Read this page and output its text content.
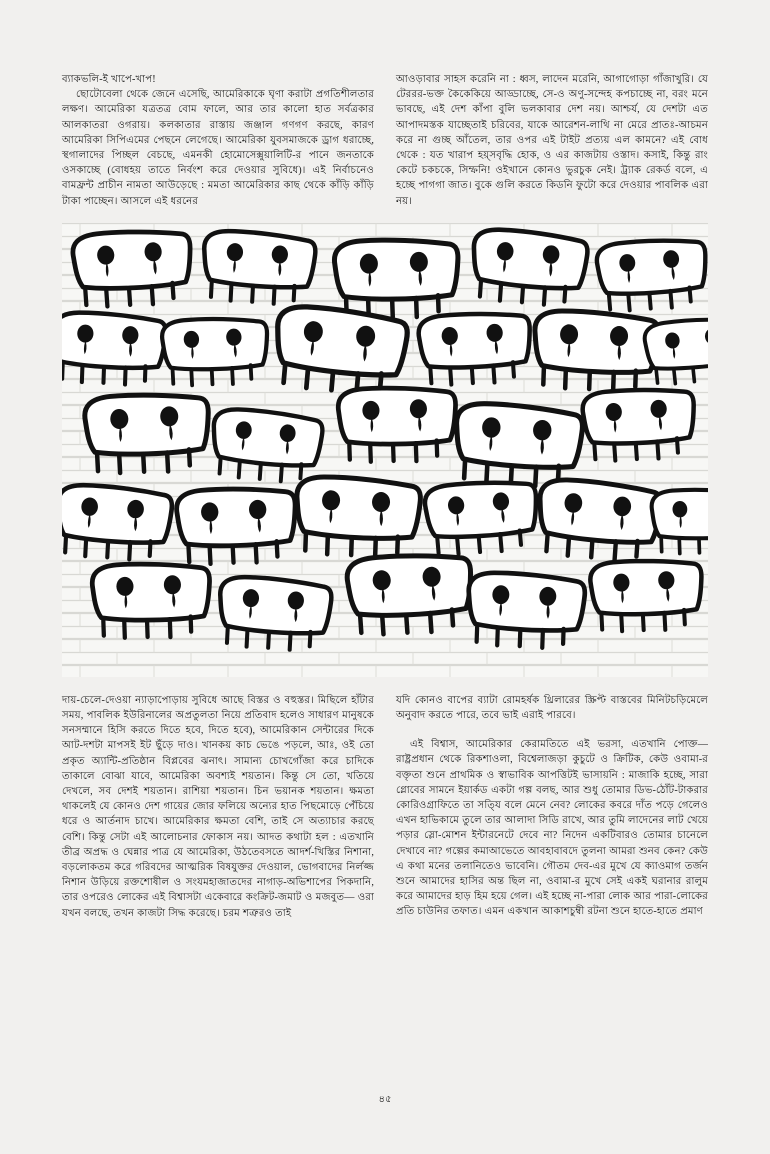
ব্যাকভলি-ই খাপে-খাপ!

ছোটোবেলা থেকে জেনে এসেছি, আমেরিকাকে ঘৃণা করাটা প্রগতিশীলতার লক্ষণ। আমেরিকা যত্রতত্র বোম ফালে, আর তার কালো হাত সর্বত্রকার আলকাতরা ওগরায়। কলকাতার রাস্তায় জঞ্জাল গণগণ করছে, কারণ আমেরিকা সিপিএমের পেছনে লেগেছে। আমেরিকা যুবসমাজকে ড্রাগ ধরাচ্ছে, স্থগালাদের পিচ্ছল বেচছে, এমনকী হোমোসেক্সুয়ালিটি-র পানে জনতাকে ওসকাচ্ছে (বোধহয় তাতে নির্বংশ করে দেওয়ার সুবিধে)। এই নির্বাচনেও বামফ্রন্ট প্রাচীন নামতা আউড়েছে : মমতা আমেরিকার কাছ থেকে কাঁড়ি কাঁড়ি টাকা পাচ্ছেন। আসলে এই ধরনের

আওড়াবার সাহস করেনি না : ধ্বস, লাদেন মরেনি, আগাগোড়া গাঁজাখুরি। যে টেররর-ভক্ত কৈকেকিয়ে আড্ডাচ্ছে, সে-ও অণু-সন্দেহ কপচাচ্ছে না, বরং মনে ভাবছে, এই দেশ কাঁপা বুলি ভলকাবার দেশ নয়। আশ্চর্য, যে দেশটা এত আপাদমস্তক যাচ্ছেতাই চরিবের, যাকে আরেশন-লাথি না মেরে প্রাতঃ-আচমন করে না গুচ্ছ আঁতেল, তার ওপর এই টাইট প্রত্যয় এল কামনে? এই বোধ থেকে : যত খারাপ হয়্সবৃদ্ধি হোক, ও এর কাজটায় ওস্তাদ। কসাই, কিন্তু রাং কেটে চকচকে, সিম্ফনি! ওইখানে কোনও ভুরচুক নেই। ট্র্যাক রেকর্ড বলে, এ হচ্ছে পাগগা জাত। বুকে গুলি করতে কিডনি ফুটো করে দেওয়ার পাবলিক এরা নয়।

দায়-চেলে-দেওয়া ন্যাড়াপোড়ায় সুবিধে আছে বিস্তর ও বহুস্তর। মিছিলে হাঁটার সময়, পাবলিক ইউরিনালের অপ্রতুলতা নিয়ে প্রতিবাদ হলেও সাধারণ মানুষকে সনসম্মানে হিসি করতে দিতে হবে, দিতে হবে), আমেরিকান সেন্টারের দিকে আট-দশটা মাপসই ইট ছুঁড়ে দাও। খানকয় কাচ ভেঙে পড়লে, আঃ, ওই তো প্রকৃত অ্যান্টি-প্রতিষ্ঠান বিপ্লবের ঝনাৎ। সামান্য চোখগোঁজা করে চাদিকে তাকালে বোঝা যাবে, আমেরিকা অবশ্যই শয়তান। কিন্তু সে তো, খতিয়ে দেখলে, সব দেশই শয়তান। রাশিয়া শয়তান। চিন ভয়ানক শয়তান। ক্ষমতা থাকলেই যে কোনও দেশ গায়ের জোর ফলিয়ে অন্যের হাত পিছমোড়ে পেঁচিয়ে ধরে ও আর্তনাদ চাখে। আমেরিকার ক্ষমতা বেশি, তাই সে অত্যাচার করছে বেশি। কিন্তু সেটা এই আলোচনার ফোকাস নয়। আদত কথাটা হল : এতখানি তীব্র অপ্রদ্ধ ও ঘেন্নার পাত্র যে আমেরিকা, উঠতেবসতে আদর্শ-খিস্তির নিশানা, বড়লোকতম করে গরিবদের আত্মরিক বিষযুক্তর দেওয়াল, ভোগবাদের নির্লজ্জ নিশান উড়িয়ে রক্তশোষীল ও সংযমহাজাতদের নাগাড়-অভিশাপের পিকদানি, তার ওপরেও লোকের এই বিশ্বাসটা একেবারে কংক্রিট-জমাট ও মজবুত— ওরা যখন বলছে, তখন কাজটা সিদ্ধ করেছে। চরম শত্রুরও তাই

যদি কোনও বাপের ব্যাটা রোমহর্ষক থ্রিলারের স্ক্রিপ্ট বাস্তবের মিনিটচড়িমেলে অনুবাদ করতে পারে, তবে ভাই এরাই পারবে।

এই বিশ্বাস, আমেরিকার কেরামতিতে এই ভরসা, এতখানি পোক্ত—রাষ্ট্রপ্রধান থেকে রিকশাওলা, বিশ্বেলাজড়া কুচুটে ও ক্রিটিক, কেউ ওবামা-র বক্তৃতা শুনে প্রাথমিক ও স্বাভাবিক আপত্তিটই ভাসায়নি : মাজাকি হচ্ছে, সারা গ্লোবের সামনে ইয়ার্কড একটা গল্প বলছ, আর শুধু তোমার ডিভ-ঠোঁট-টাকরার কোরিওগ্রাফিতে তা সতি্য বলে মেনে নেব? লোকের কবরে দাঁত পড়ে গেলেও এখন হাভিকামে তুলে তার আলাদা সিডি রাখে, আর তুমি লাদেনের লাট খেয়ে পড়ার স্লো-মোশন ইন্টারনেটে দেবে না? নিদেন একটিবারও তোমার চানেলে দেখাবে না? গল্পের কমাআভেতে আবহাবাবদে তুলনা আমরা শুনব কেন? কেউ এ কথা মনের তলানিতেও ভাবেনি। গৌতম দেব-এর মুখে যে ক্যাওমাগ তর্জন শুনে আমাদের হাসির অন্ত ছিল না, ওবামা-র মুখে সেই একই ঘরানার রালুম করে আমাদের হাড় হিম হয়ে গেল। এই হচ্ছে না-পারা লোক আর পারা-লোকের প্রতি চাউনির তফাত। এমন একখান আকাশচুম্বী রটনা শুনে হাতে-হাতে প্রমাণ

৪৫
